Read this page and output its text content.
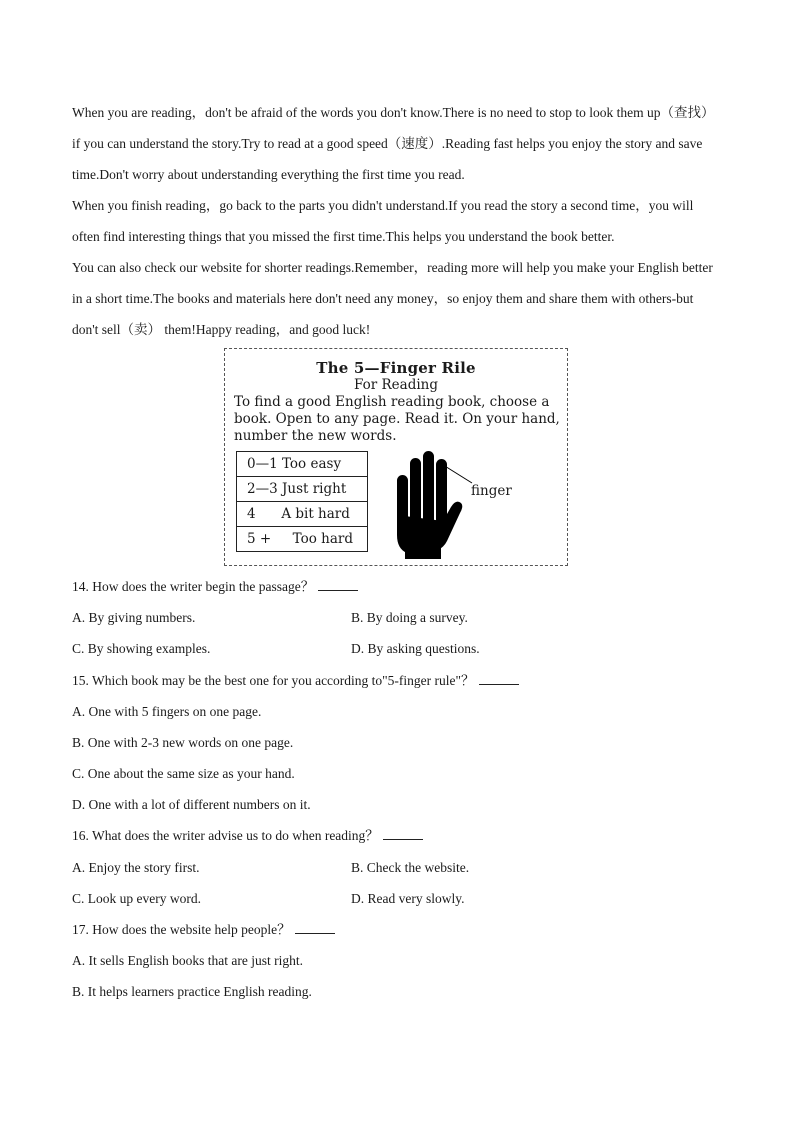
When you are reading，don't be afraid of the words you don't know.There is no need to stop to look them up（查找） if you can understand the story.Try to read at a good speed（速度）.Reading fast helps you enjoy the story and save time.Don't worry about understanding everything the first time you read.

When you finish reading，go back to the parts you didn't understand.If you read the story a second time，you will often find interesting things that you missed the first time.This helps you understand the book better.

You can also check our website for shorter readings.Remember，reading more will help you make your English better in a short time.The books and materials here don't need any money，so enjoy them and share them with others-but don't sell（卖） them!Happy reading，and good luck!

The 5—Finger Rile
For Reading
To find a good English reading book, choose a book. Open to any page. Read it. On your hand, number the new words.
0—1 Too easy
2—3 Just right
4      A bit hard
5 +     Too hard
finger
14. How does the writer begin the passage？
A. By giving numbers.	B. By doing a survey.
C. By showing examples.	D. By asking questions.
15. Which book may be the best one for you according to"5-finger rule"？
A. One with 5 fingers on one page.
B. One with 2-3 new words on one page.
C. One about the same size as your hand.
D. One with a lot of different numbers on it.
16. What does the writer advise us to do when reading？
A. Enjoy the story first.	B. Check the website.
C. Look up every word.	D. Read very slowly.
17. How does the website help people？
A. It sells English books that are just right.
B. It helps learners practice English reading.
